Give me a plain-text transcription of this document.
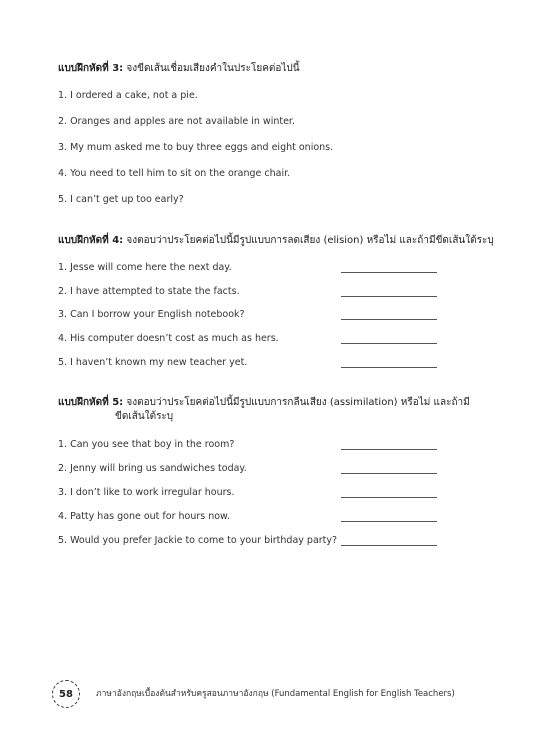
แบบฝึกหัดที่ 3: จงขีดเส้นเชื่อมเสียงคำในประโยคต่อไปนี้
1. I ordered a cake, not a pie.
2. Oranges and apples are not available in winter.
3. My mum asked me to buy three eggs and eight onions.
4. You need to tell him to sit on the orange chair.
5. I can’t get up too early?
แบบฝึกหัดที่ 4: จงตอบว่าประโยคต่อไปนี้มีรูปแบบการลดเสียง (elision) หรือไม่ และถ้ามีขีดเส้นใต้ระบุ
1. Jesse will come here the next day.
2. I have attempted to state the facts.
3. Can I borrow your English notebook?
4. His computer doesn’t cost as much as hers.
5. I haven’t known my new teacher yet.
แบบฝึกหัดที่ 5: จงตอบว่าประโยคต่อไปนี้มีรูปแบบการกลืนเสียง (assimilation) หรือไม่ และถ้ามี
ขีดเส้นใต้ระบุ
1. Can you see that boy in the room?
2. Jenny will bring us sandwiches today.
3. I don’t like to work irregular hours.
4. Patty has gone out for hours now.
5. Would you prefer Jackie to come to your birthday party?
58	ภาษาอังกฤษเบื้องต้นสำหรับครูสอนภาษาอังกฤษ (Fundamental English for English Teachers)
